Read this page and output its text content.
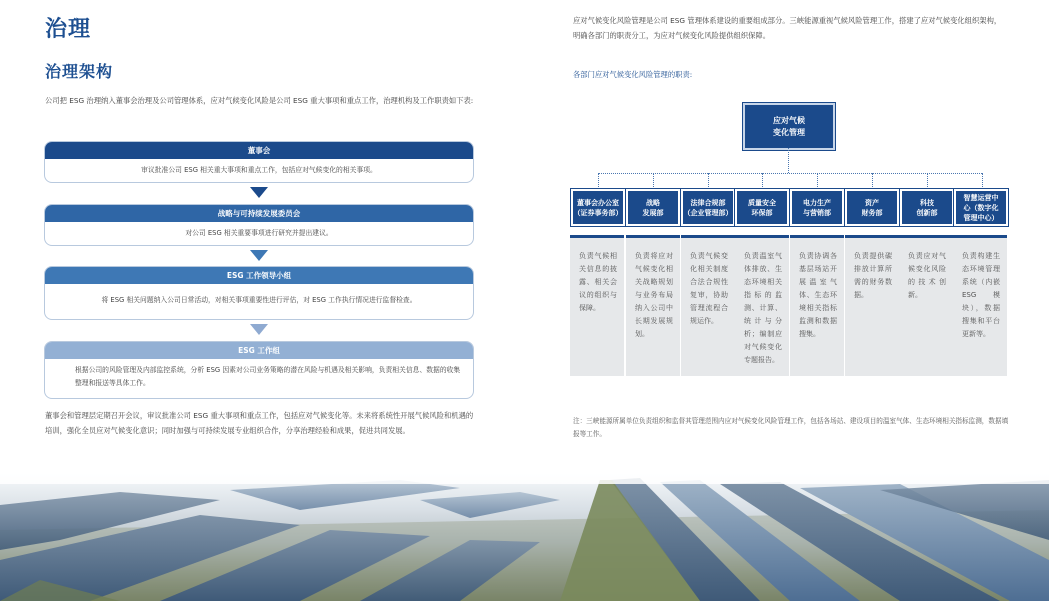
治理
治理架构
公司把 ESG 治理纳入董事会治理及公司管理体系，应对气候变化风险是公司 ESG 重大事项和重点工作，治理机构及工作职责如下表:
董事会
审议批准公司 ESG 相关重大事项和重点工作，包括应对气候变化的相关事项。
战略与可持续发展委员会
对公司 ESG 相关重要事项进行研究并提出建议。
ESG 工作领导小组
将 ESG 相关问题纳入公司日常活动，对相关事项重要性进行评估，对 ESG 工作执行情况进行监督检查。
ESG 工作组
根据公司的风险管理及内部监控系统，分析 ESG 因素对公司业务策略的潜在风险与机遇及相关影响，负责相关信息、数据的收集整理和报送等具体工作。
董事会和管理层定期召开会议，审议批准公司 ESG 重大事项和重点工作，包括应对气候变化等。未来将系统性开展气候风险和机遇的培训，强化全员应对气候变化意识；同时加强与可持续发展专业组织合作，分享治理经验和成果，促进共同发展。
应对气候变化风险管理是公司 ESG 管理体系建设的重要组成部分。三峡能源重视气候风险管理工作，搭建了应对气候变化组织架构，明确各部门的职责分工，为应对气候变化风险提供组织保障。
各部门应对气候变化风险管理的职责:
应对气候
变化管理
董事会办公室
（证券事务部）
战略
发展部
法律合规部
（企业管理部）
质量安全
环保部
电力生产
与营销部
资产
财务部
科技
创新部
智慧运营中
心（数字化
管理中心）
负责气候相关信息的披露、相关会议的组织与保障。
负责将应对气候变化相关战略规划与业务布局纳入公司中长期发展规划。
负责气候变化相关制度合法合规性复审，协助管理流程合规运作。
负责温室气体排放、生态环境相关指标的监测、计算、统计与分析；编制应对气候变化专题报告。
负责协调各基层场站开展温室气体、生态环境相关指标监测和数据搜集。
负责提供碳排放计算所需的财务数据。
负责应对气候变化风险的技术创新。
负责构建生态环境管理系统（内嵌ESG模块），数据搜集和平台更新等。
注：三峡能源所属单位负责组织和监督其管理范围内应对气候变化风险管理工作，包括各场站、建设项目的温室气体、生态环境相关指标监测，数据填报等工作。
